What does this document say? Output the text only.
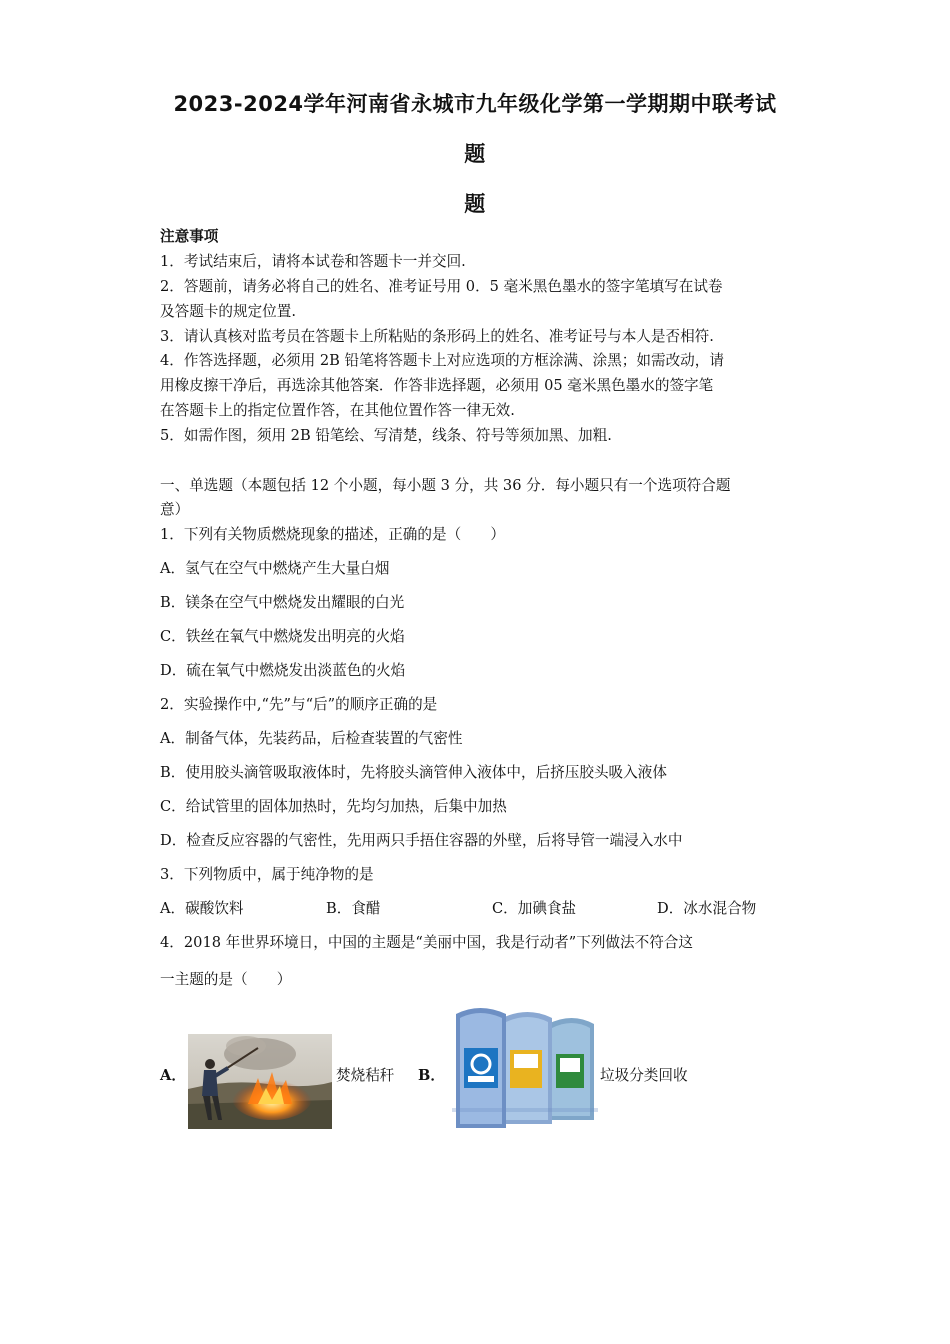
2023-2024学年河南省永城市九年级化学第一学期期中联考试
题
题
注意事项
1．考试结束后，请将本试卷和答题卡一并交回.
2．答题前，请务必将自己的姓名、准考证号用 0．5 毫米黑色墨水的签字笔填写在试卷
及答题卡的规定位置.
3．请认真核对监考员在答题卡上所粘贴的条形码上的姓名、准考证号与本人是否相符.
4．作答选择题，必须用 2B 铅笔将答题卡上对应选项的方框涂满、涂黑；如需改动，请
用橡皮擦干净后，再选涂其他答案．作答非选择题，必须用 05 毫米黑色墨水的签字笔
在答题卡上的指定位置作答，在其他位置作答一律无效.
5．如需作图，须用 2B 铅笔绘、写清楚，线条、符号等须加黑、加粗.
一、单选题（本题包括 12 个小题，每小题 3 分，共 36 分．每小题只有一个选项符合题
意）
1．下列有关物质燃烧现象的描述，正确的是（　　）
A．氢气在空气中燃烧产生大量白烟
B．镁条在空气中燃烧发出耀眼的白光
C．铁丝在氧气中燃烧发出明亮的火焰
D．硫在氧气中燃烧发出淡蓝色的火焰
2．实验操作中,“先”与“后”的顺序正确的是
A．制备气体，先装药品，后检查装置的气密性
B．使用胶头滴管吸取液体时，先将胶头滴管伸入液体中，后挤压胶头吸入液体
C．给试管里的固体加热时，先均匀加热，后集中加热
D．检查反应容器的气密性，先用两只手捂住容器的外壁，后将导管一端浸入水中
3．下列物质中，属于纯净物的是
A．碳酸饮料	B．食醋	C．加碘食盐	D．冰水混合物
4．2018 年世界环境日，中国的主题是“美丽中国，我是行动者”下列做法不符合这
一主题的是（　　）
A．	焚烧秸秆 B．	垃圾分类回收
